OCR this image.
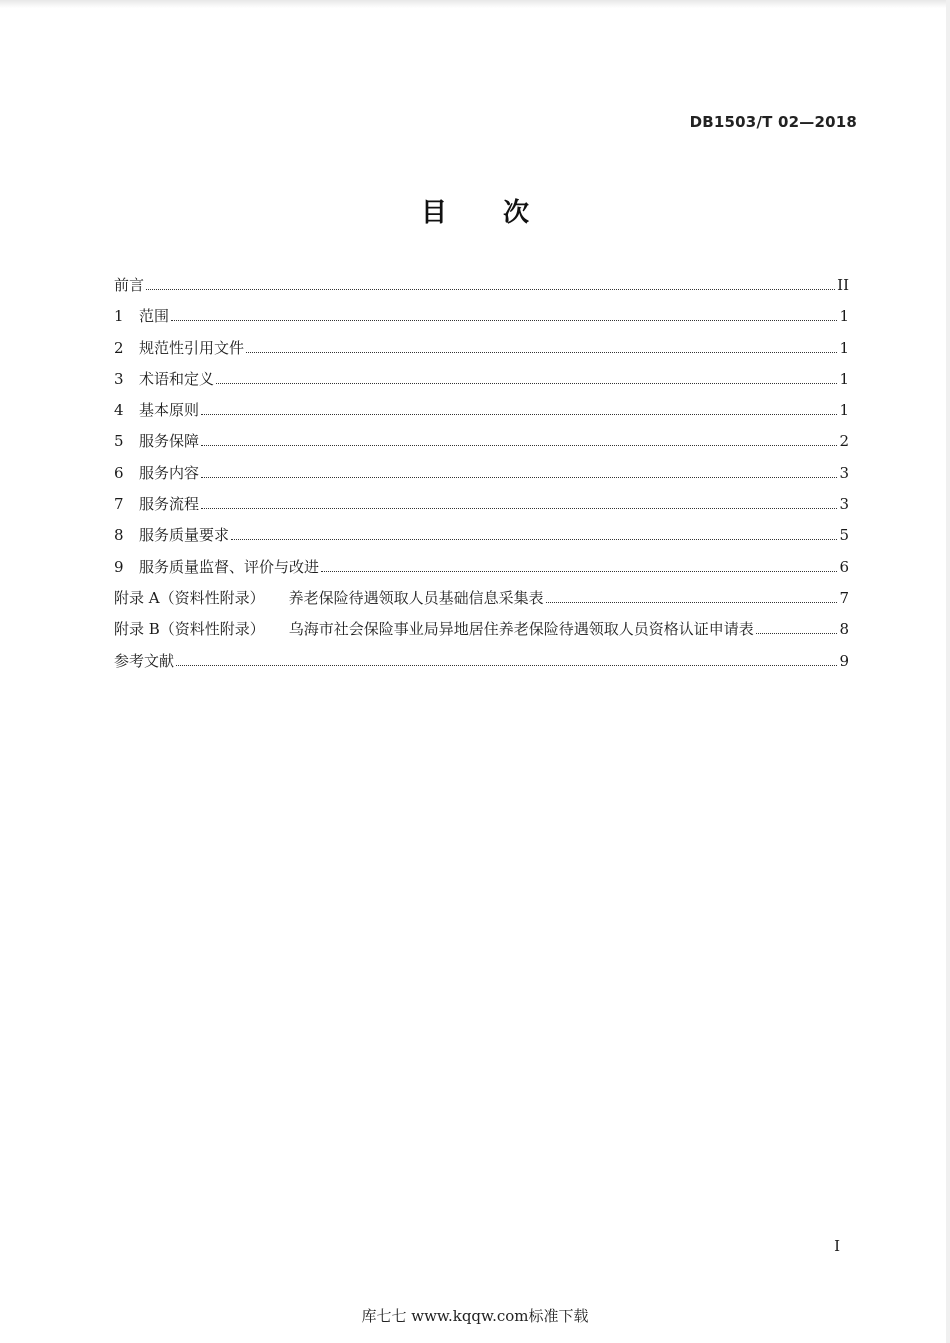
DB1503/T 02—2018
目 次
前言	II
1	范围	1
2	规范性引用文件	1
3	术语和定义	1
4	基本原则	1
5	服务保障	2
6	服务内容	3
7	服务流程	3
8	服务质量要求	5
9	服务质量监督、评价与改进	6
附录 A（资料性附录） 养老保险待遇领取人员基础信息采集表	7
附录 B（资料性附录） 乌海市社会保险事业局异地居住养老保险待遇领取人员资格认证申请表	8
参考文献	9
I
库七七 www.kqqw.com标准下载
